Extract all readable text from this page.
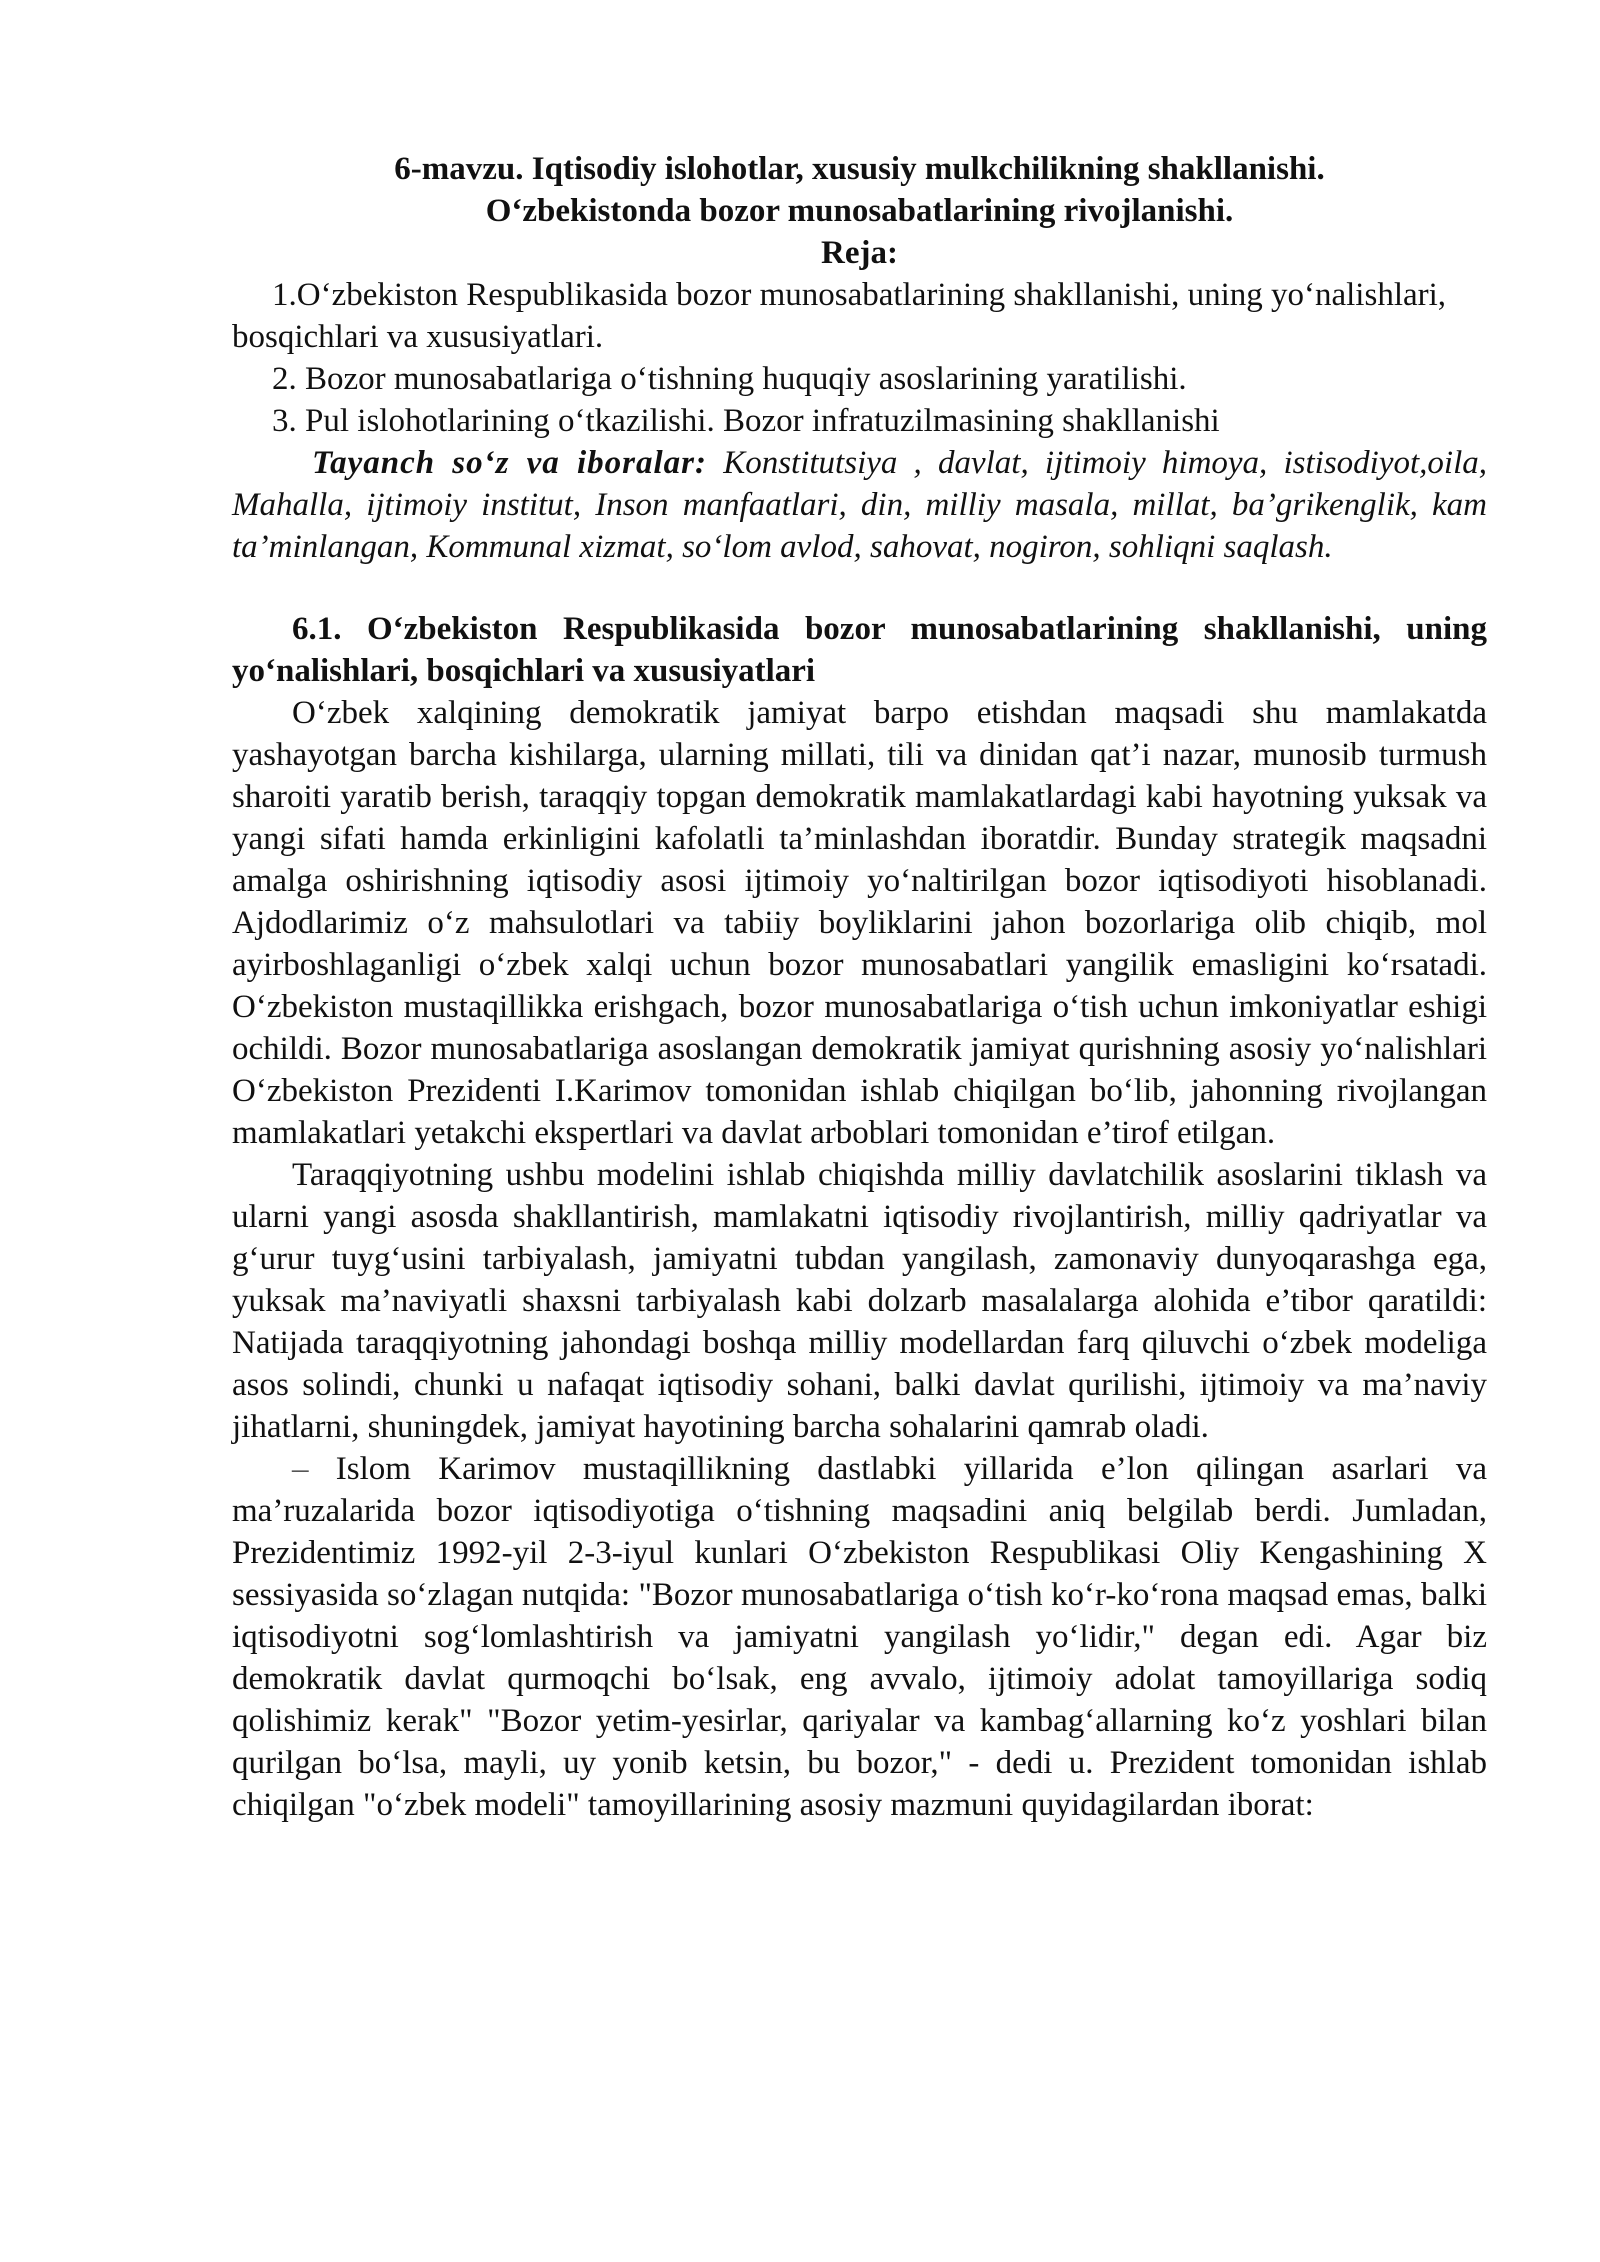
6-mavzu. Iqtisodiy islohotlar, xususiy mulkchilikning shakllanishi.

O‘zbekistonda bozor munosabatlarining rivojlanishi.

Reja:

1.O‘zbekiston Respublikasida bozor munosabatlarining shakllanishi, uning yo‘nalishlari, bosqichlari va xususiyatlari.

2. Bozor munosabatlariga o‘tishning huquqiy asoslarining yaratilishi.

3. Pul islohotlarining o‘tkazilishi. Bozor infratuzilmasining shakllanishi

Tayanch so‘z va iboralar: Konstitutsiya , davlat, ijtimoiy himoya, istisodiyot,oila, Mahalla, ijtimoiy institut, Inson manfaatlari, din, milliy masala, millat, ba’grikenglik, kam ta’minlangan, Kommunal xizmat, so‘lom avlod, sahovat, nogiron, sohliqni saqlash.

6.1. O‘zbekiston Respublikasida bozor munosabatlarining shakllanishi, uning yo‘nalishlari, bosqichlari va xususiyatlari

O‘zbek xalqining demokratik jamiyat barpo etishdan maqsadi shu mamlakatda yashayotgan barcha kishilarga, ularning millati, tili va dinidan qat’i nazar, munosib turmush sharoiti yaratib berish, taraqqiy topgan demokratik mamlakatlardagi kabi hayotning yuksak va yangi sifati hamda erkinligini kafolatli ta’minlashdan iboratdir. Bunday strategik maqsadni amalga oshirishning iqtisodiy asosi ijtimoiy yo‘naltirilgan bozor iqtisodiyoti hisoblanadi. Ajdodlarimiz o‘z mahsulotlari va tabiiy boyliklarini jahon bozorlariga olib chiqib, mol ayirboshlaganligi o‘zbek xalqi uchun bozor munosabatlari yangilik emasligini ko‘rsatadi. O‘zbekiston mustaqillikka erishgach, bozor munosabatlariga o‘tish uchun imkoniyatlar eshigi ochildi. Bozor munosabatlariga asoslangan demokratik jamiyat qurishning asosiy yo‘nalishlari O‘zbekiston Prezidenti I.Karimov tomonidan ishlab chiqilgan bo‘lib, jahonning rivojlangan mamlakatlari yetakchi ekspertlari va davlat arboblari tomonidan e’tirof etilgan.

Taraqqiyotning ushbu modelini ishlab chiqishda milliy davlatchilik asoslarini tiklash va ularni yangi asosda shakllantirish, mamlakatni iqtisodiy rivojlantirish, milliy qadriyatlar va g‘urur tuyg‘usini tarbiyalash, jamiyatni tubdan yangilash, zamonaviy dunyoqarashga ega, yuksak ma’naviyatli shaxsni tarbiyalash kabi dolzarb masalalarga alohida e’tibor qaratildi: Natijada taraqqiyotning jahondagi boshqa milliy modellardan farq qiluvchi o‘zbek modeliga asos solindi, chunki u nafaqat iqtisodiy sohani, balki davlat qurilishi, ijtimoiy va ma’naviy jihatlarni, shuningdek, jamiyat hayotining barcha sohalarini qamrab oladi.

– Islom Karimov mustaqillikning dastlabki yillarida e’lon qilingan asarlari va ma’ruzalarida bozor iqtisodiyotiga o‘tishning maqsadini aniq belgilab berdi. Jumladan, Prezidentimiz 1992-yil 2-3-iyul kunlari O‘zbekiston Respublikasi Oliy Kengashining X sessiyasida so‘zlagan nutqida: "Bozor munosabatlariga o‘tish ko‘r-ko‘rona maqsad emas, balki iqtisodiyotni sog‘lomlashtirish va jamiyatni yangilash yo‘lidir," degan edi. Agar biz demokratik davlat qurmoqchi bo‘lsak, eng avvalo, ijtimoiy adolat tamoyillariga sodiq qolishimiz kerak" "Bozor yetim-yesirlar, qariyalar va kambag‘allarning ko‘z yoshlari bilan qurilgan bo‘lsa, mayli, uy yonib ketsin, bu bozor," - dedi u. Prezident tomonidan ishlab chiqilgan "o‘zbek modeli" tamoyillarining asosiy mazmuni quyidagilardan iborat:
